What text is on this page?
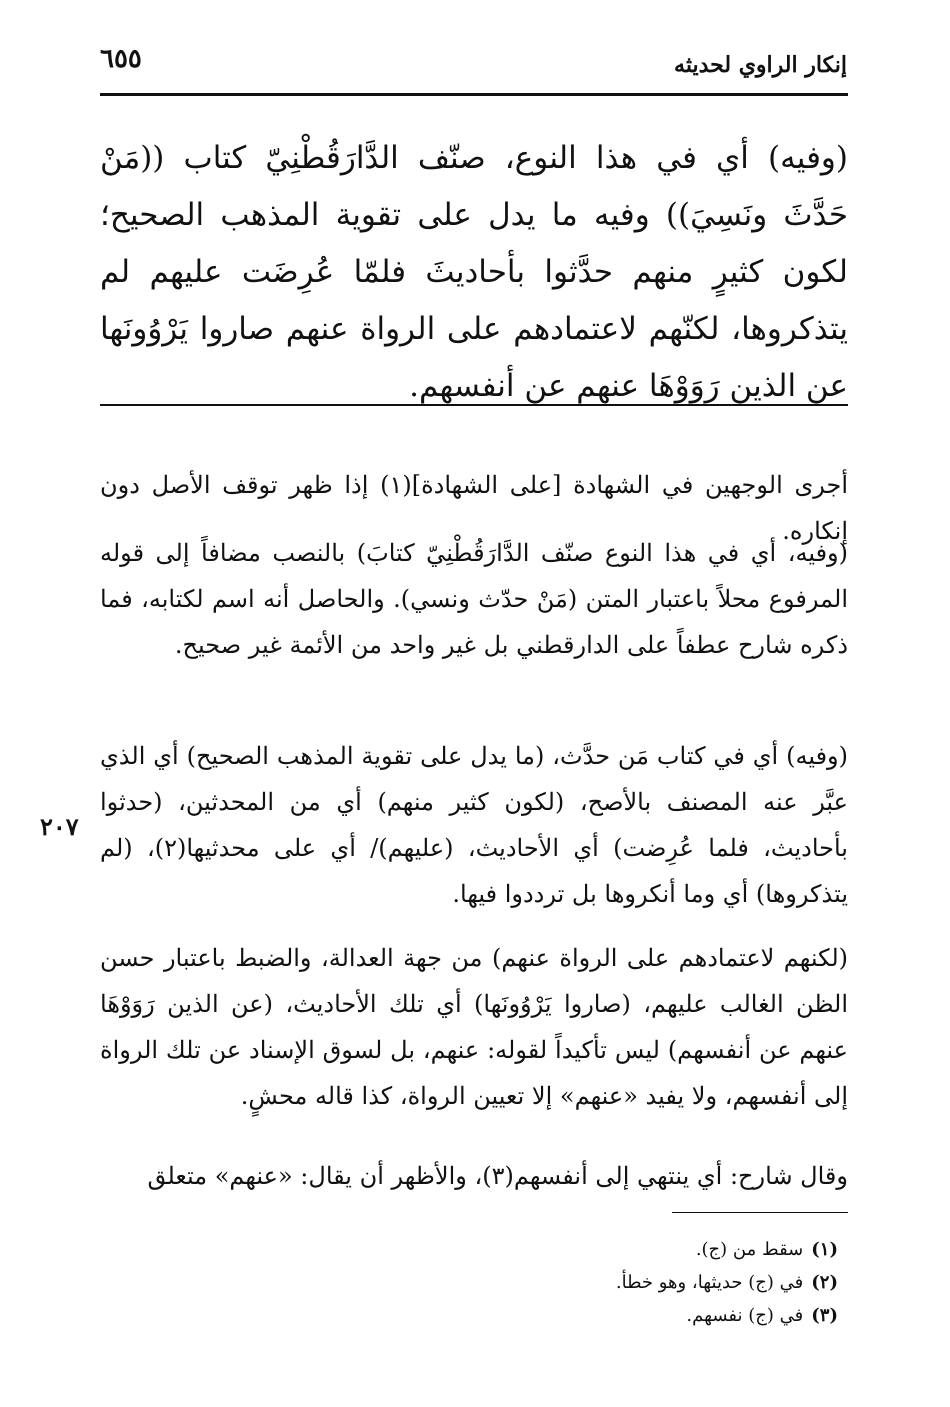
إنكار الراوي لحديثه
٦٥٥
(وفيه) أي في هذا النوع، صنّف الدَّارَقُطْنِيّ كتاب ((مَنْ حَدَّثَ ونَسِيَ)) وفيه ما يدل على تقوية المذهب الصحيح؛ لكون كثيرٍ منهم حدَّثوا بأحاديثَ فلمّا عُرِضَت عليهم لم يتذكروها، لكنّهم لاعتمادهم على الرواة عنهم صاروا يَرْوُونَها عن الذين رَوَوْهَا عنهم عن أنفسهم.
أجرى الوجهين في الشهادة [على الشهادة](١) إذا ظهر توقف الأصل دون إنكاره.
(وفيه، أي في هذا النوع صنّف الدَّارَقُطْنِيّ كتابَ) بالنصب مضافاً إلى قوله المرفوع محلاً باعتبار المتن (مَنْ حدّث ونسي). والحاصل أنه اسم لكتابه، فما ذكره شارح عطفاً على الدارقطني بل غير واحد من الأئمة غير صحيح.
(وفيه) أي في كتاب مَن حدَّث، (ما يدل على تقوية المذهب الصحيح) أي الذي عبَّر عنه المصنف بالأصح، (لكون كثير منهم) أي من المحدثين، (حدثوا بأحاديث، فلما عُرِضت) أي الأحاديث، (عليهم)/ أي على محدثيها(٢)، (لم يتذكروها) أي وما أنكروها بل ترددوا فيها.
(لكنهم لاعتمادهم على الرواة عنهم) من جهة العدالة، والضبط باعتبار حسن الظن الغالب عليهم، (صاروا يَرْوُونَها) أي تلك الأحاديث، (عن الذين رَوَوْهَا عنهم عن أنفسهم) ليس تأكيداً لقوله: عنهم، بل لسوق الإسناد عن تلك الرواة إلى أنفسهم، ولا يفيد «عنهم» إلا تعيين الرواة، كذا قاله محشٍ.
وقال شارح: أي ينتهي إلى أنفسهم(٣)، والأظهر أن يقال: «عنهم» متعلق
٢٠٧
(١)سقط من (ج).
(٢)في (ج) حديثها، وهو خطأ.
(٣)في (ج) نفسهم.
